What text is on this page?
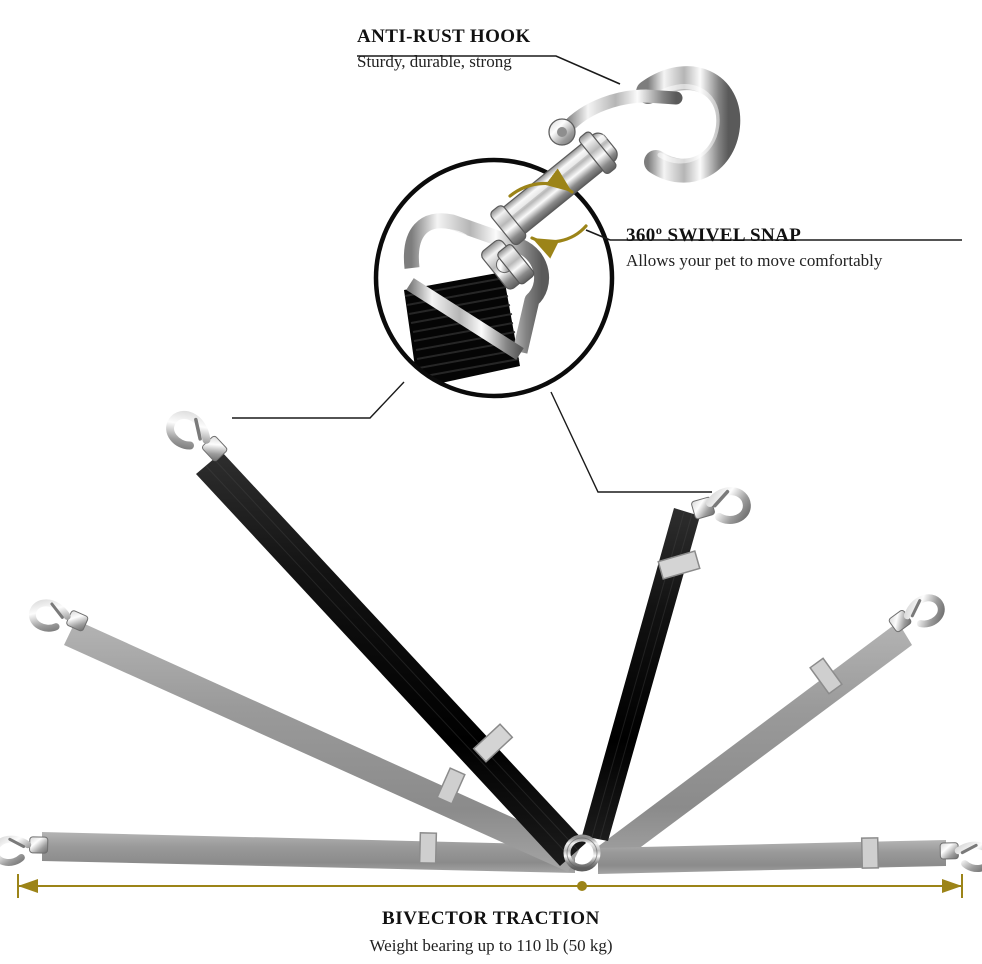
ANTI-RUST HOOK
Sturdy, durable, strong
360º SWIVEL SNAP
Allows your pet to move comfortably
BIVECTOR TRACTION
Weight bearing up to 110 lb (50 kg)
